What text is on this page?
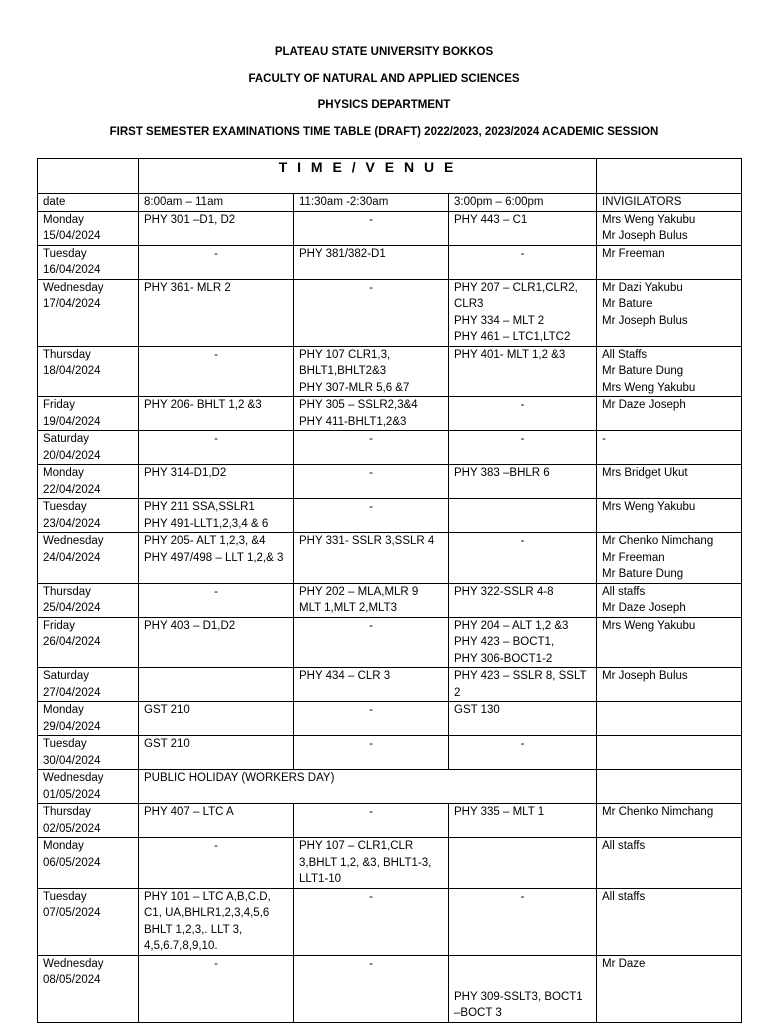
PLATEAU STATE UNIVERSITY BOKKOS
FACULTY OF NATURAL AND APPLIED SCIENCES
PHYSICS DEPARTMENT
FIRST SEMESTER EXAMINATIONS TIME TABLE (DRAFT) 2022/2023, 2023/2024 ACADEMIC SESSION
	T I M E / V E N U E			
date	8:00am – 11am	11:30am -2:30am	3:00pm – 6:00pm	INVIGILATORS

Monday
15/04/2024	PHY 301 –D1, D2	-	PHY 443 – C1	Mrs Weng Yakubu
Mr Joseph Bulus

Tuesday
16/04/2024	-	PHY 381/382-D1	-	Mr Freeman

Wednesday
17/04/2024	PHY 361- MLR 2	-	PHY 207 – CLR1,CLR2, CLR3
PHY 334 – MLT 2
PHY 461 – LTC1,LTC2	Mr Dazi Yakubu
Mr Bature
Mr Joseph Bulus

Thursday
18/04/2024	-	PHY 107 CLR1,3, BHLT1,BHLT2&3
PHY 307-MLR 5,6 &7	PHY 401- MLT 1,2 &3	All Staffs
Mr Bature Dung
Mrs Weng Yakubu

Friday
19/04/2024	PHY 206- BHLT 1,2 &3	PHY 305 – SSLR2,3&4
PHY 411-BHLT1,2&3	-	Mr Daze Joseph

Saturday
20/04/2024	-	-	-	-

Monday
22/04/2024	PHY 314-D1,D2	-	PHY 383 –BHLR 6	Mrs Bridget Ukut

Tuesday
23/04/2024	PHY 211 SSA,SSLR1
PHY 491-LLT1,2,3,4 & 6	-		Mrs Weng Yakubu

Wednesday
24/04/2024	PHY 205- ALT 1,2,3, &4
PHY 497/498 – LLT 1,2,& 3	PHY 331- SSLR 3,SSLR 4	-	Mr Chenko Nimchang
Mr Freeman
Mr Bature Dung

Thursday
25/04/2024	-	PHY 202 – MLA,MLR 9
MLT 1,MLT 2,MLT3	PHY 322-SSLR 4-8	All staffs
Mr Daze Joseph

Friday
26/04/2024	PHY 403 – D1,D2	-	PHY 204 – ALT 1,2 &3
PHY 423 – BOCT1,
PHY 306-BOCT1-2	Mrs Weng Yakubu

Saturday
27/04/2024		PHY 434 – CLR 3	PHY 423 – SSLR 8, SSLT 2	Mr Joseph Bulus

Monday
29/04/2024	GST 210	-	GST 130	

Tuesday
30/04/2024	GST 210	-	-	

Wednesday
01/05/2024	PUBLIC HOLIDAY (WORKERS DAY)			

Thursday
02/05/2024	PHY 407 – LTC A	-	PHY 335 – MLT 1	Mr Chenko Nimchang

Monday
06/05/2024	-	PHY 107 – CLR1,CLR 3,BHLT 1,2, &3, BHLT1-3, LLT1-10		All staffs

Tuesday
07/05/2024	PHY 101 – LTC A,B,C.D, C1, UA,BHLR1,2,3,4,5,6 BHLT 1,2,3,. LLT 3, 4,5,6.7,8,9,10.	-	-	All staffs

Wednesday
08/05/2024	-	-	PHY 309-SSLT3, BOCT1 –BOCT 3	Mr Daze
